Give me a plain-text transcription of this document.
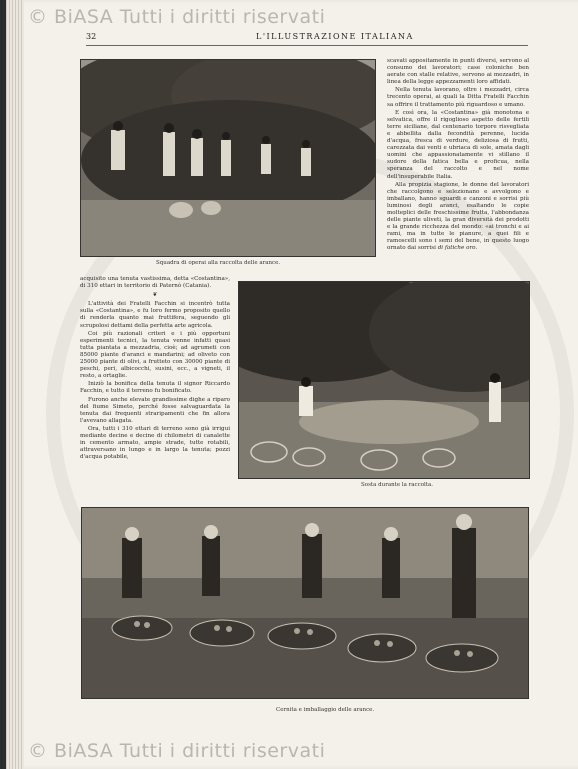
© BiASA Tutti i diritti riservati
32	L'ILLUSTRAZIONE ITALIANA
Squadra di operai alla raccolta delle arance.

scavati appositamente in punti diversi, servono al consumo dei lavoratori; case coloniche ben aerate con stalle relative, servono ai mezzadri, in linea della legge appezzamenti loro affidati.

Nella tenuta lavorano, oltre i mezzadri, circa trecento operai, ai quali la Ditta Fratelli Facchin sa offrire il trattamento più riguardoso e umano.

E così ora, la «Costantina» già monotona e selvatica, offre il rigoglioso aspetto delle fertili terre siciliane, dal centenario torpore risvegliata e abbellita dalla fecondità perenne, lucida d'acqua, fresca di verdure, deliziosa di frutti, carezzata dai venti e ubriaca di sole, amata dagli uomini che appassionatamente vi stillano il sudore della fatica bella e proficua, nella speranza del raccolto e nel nome dell'insuperabile Italia.

Alla propizia stagione, le donne del lavoratori che raccolgono e selezionano e avvolgono e imballano, hanno sguardi e canzoni e sorrisi più luminosi degli aranci, esaltando le copie molteplici delle freschissime frutta, l'abbondanza delle piante uliveti, la gran diversità dei prodotti e la grande ricchezza del mondo: «ai tronchi e ai rami, ma in tutte le pianure, a quei fili e ramoscelli sono i semi del bene, in questo luogo ornato dai sorrisi di fatiche oro.

acquisito una tenuta vastissima, detta «Costantina», di 310 ettari in territorio di Paternò (Catania).

❦

L'attività dei Fratelli Facchin si incentrò tutta sulla «Costantina», e fu loro fermo proposito quello di renderla quanto mai fruttifera, seguendo gli scrupolosi dettami della perfetta arte agricola.

Coi più razionali criteri e i più opportuni esperimenti tecnici, la tenuta venne infatti quasi tutta piantata a mezzadria, cioè; ad agrumeti con 85000 piante d'aranci e mandarini; ad oliveto con 25000 piante di olivi, a frutteto con 30000 piante di peschi, peri, albicocchi, susini, ecc., a vigneti, il resto, a ortaglie.

Iniziò la bonifica della tenuta il signor Riccardo Facchin, e tutto il terreno fu bonificato.

Furono anche elevate grandissime dighe a riparo del fiume Simeto, perché fosse salvaguardata la tenuta dai frequenti straripamenti che fin allora l'avevano allagata.

Ora, tutti i 310 ettari di terreno sono già irrigui mediante decine e decine di chilometri di canalette in cemento armato, ampie strade, tutte rotabili, attraversano in lungo e in largo la tenuta; pozzi d'acqua potabile,

Sosta durante la raccolta.
Cernita e imballaggio delle arance.
© BiASA Tutti i diritti riservati
